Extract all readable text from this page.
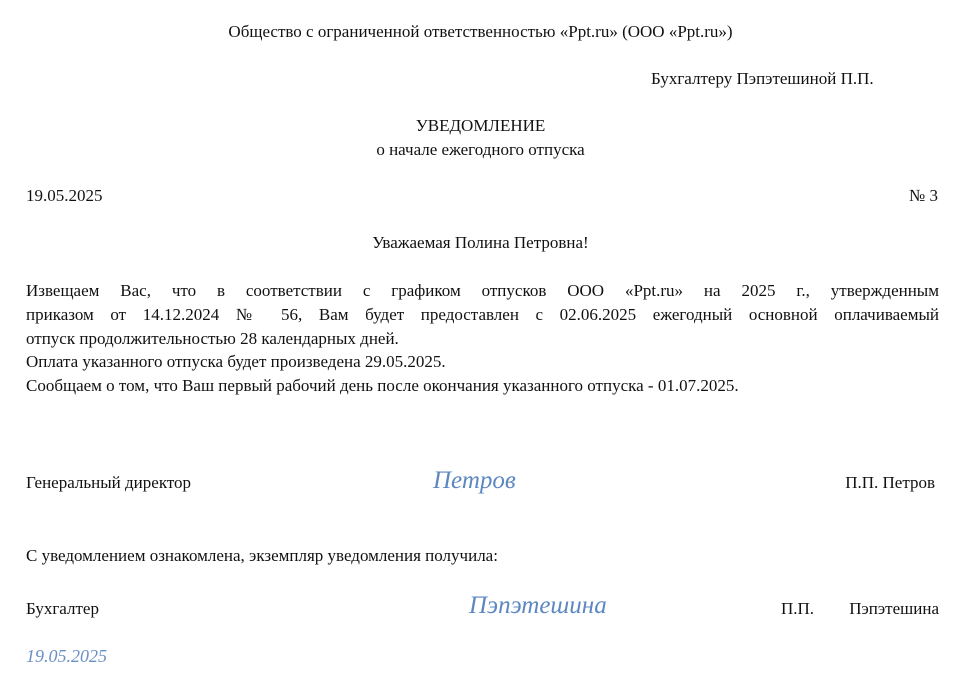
Общество с ограниченной ответственностью «Ppt.ru» (ООО «Ppt.ru»)
Бухгалтеру Пэпэтешиной П.П.
УВЕДОМЛЕНИЕ
о начале ежегодного отпуска
19.05.2025	№ 3
Уважаемая Полина Петровна!
Извещаем Вас, что в соответствии с графиком отпусков ООО «Ppt.ru» на 2025 г., утвержденным
приказом от 14.12.2024 № 56, Вам будет предоставлен с 02.06.2025 ежегодный основной оплачиваемый
отпуск продолжительностью 28 календарных дней.
Оплата указанного отпуска будет произведена 29.05.2025.
Сообщаем о том, что Ваш первый рабочий день после окончания указанного отпуска - 01.07.2025.
Генеральный директор	Петров	П.П. Петров
С уведомлением ознакомлена, экземпляр уведомления получила:
Бухгалтер	Пэпэтешина	П.П. Пэпэтешина
19.05.2025
